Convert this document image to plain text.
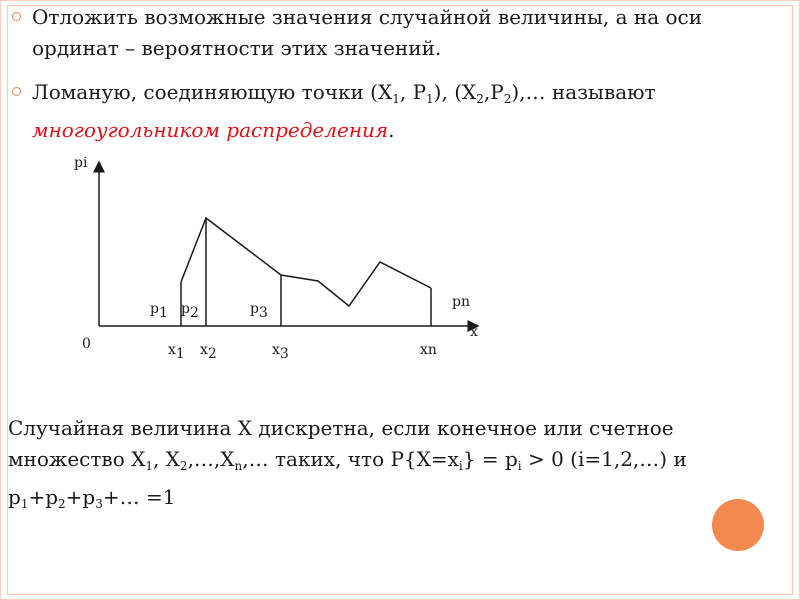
Отложить возможные значения случайной величины, а на оси ординат – вероятности этих значений.
Ломаную, соединяющую точки ($X_1$, $P_1$), $(X_2,P_2),\dots$ называют многоугольником распределения.
pi
x
0
p1 p2	p3
pn
x1 x2	x3	xn

Случайная величина X дискретна, если конечное или счетное множество $X_1$, $X_2,\dots,X_n,\dots$ таких, что $P\{X=x_i\} = p_i > 0$ (i=1,2,…) и $p_1+p_2+p_3+\dots =1$
